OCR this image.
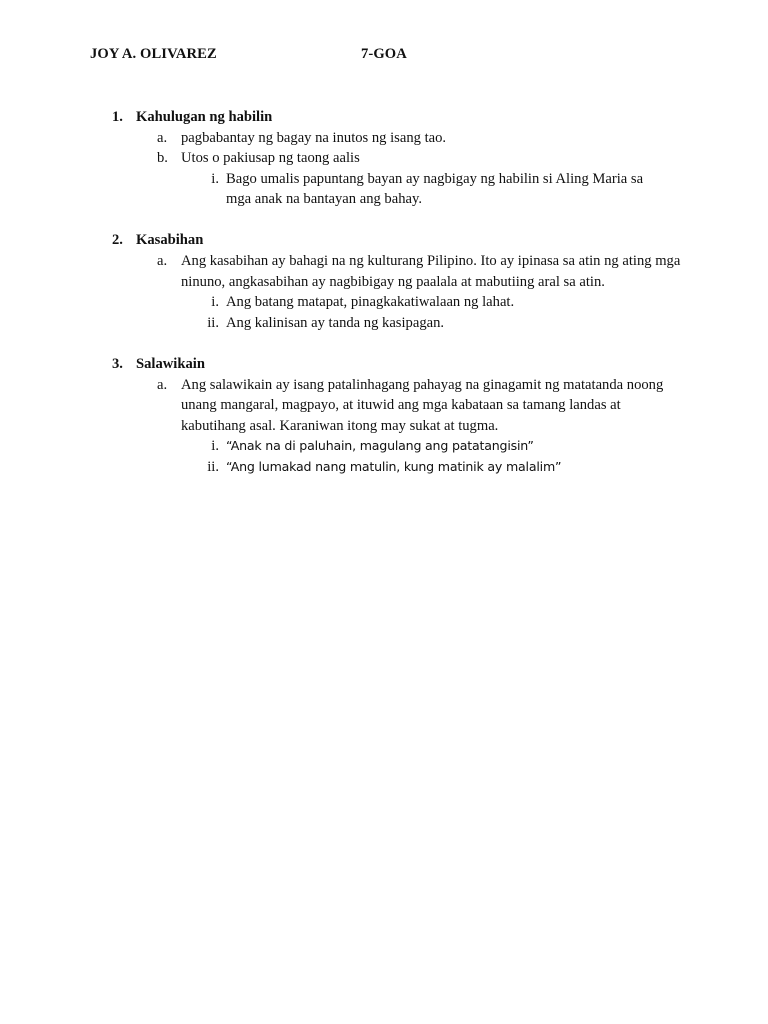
JOY A. OLIVAREZ	7-GOA
1. Kahulugan ng habilin
a. pagbabantay ng bagay na inutos ng isang tao.
b. Utos o pakiusap ng taong aalis
i. Bago umalis papuntang bayan ay nagbigay ng habilin si Aling Maria sa mga anak na bantayan ang bahay.
2. Kasabihan
a. Ang kasabihan ay bahagi na ng kulturang Pilipino. Ito ay ipinasa sa atin ng ating mga ninuno, angkasabihan ay nagbibigay ng paalala at mabutiing aral sa atin.
i. Ang batang matapat, pinagkakatiwalaan ng lahat.
ii. Ang kalinisan ay tanda ng kasipagan.
3. Salawikain
a. Ang salawikain ay isang patalinhagang pahayag na ginagamit ng matatanda noong unang mangaral, magpayo, at ituwid ang mga kabataan sa tamang landas at kabutihang asal. Karaniwan itong may sukat at tugma.
i. “Anak na di paluhain, magulang ang patatangisin”
ii. “Ang lumakad nang matulin, kung matinik ay malalim”
